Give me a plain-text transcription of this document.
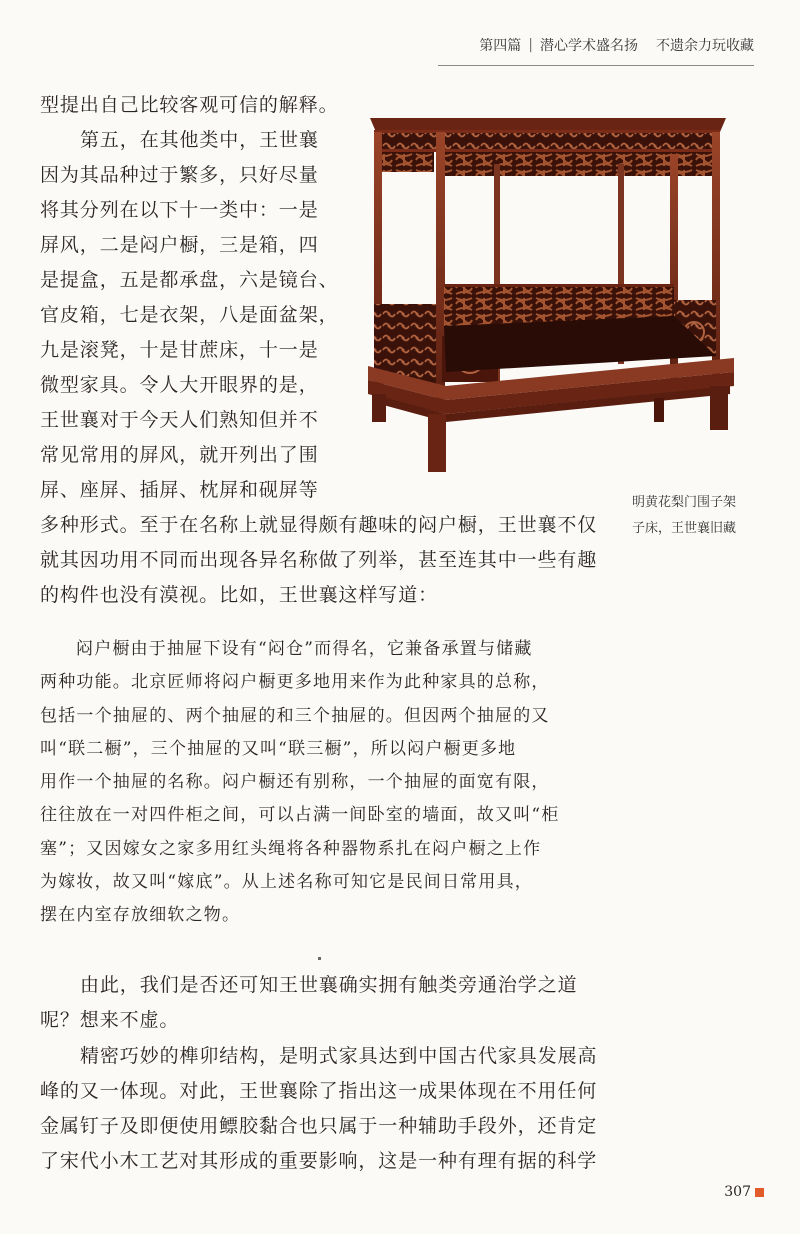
第四篇 | 潜心学术盛名扬 不遗余力玩收藏
型提出自己比较客观可信的解释。
第五，在其他类中，王世襄
因为其品种过于繁多，只好尽量
将其分列在以下十一类中：一是
屏风，二是闷户橱，三是箱，四
是提盒，五是都承盘，六是镜台、
官皮箱，七是衣架，八是面盆架，
九是滚凳，十是甘蔗床，十一是
微型家具。令人大开眼界的是，
王世襄对于今天人们熟知但并不
常见常用的屏风，就开列出了围
屏、座屏、插屏、枕屏和砚屏等
多种形式。至于在名称上就显得颇有趣味的闷户橱，王世襄不仅
就其因功用不同而出现各异名称做了列举，甚至连其中一些有趣
的构件也没有漠视。比如，王世襄这样写道：
明黄花梨门围子架
子床，王世襄旧藏
闷户橱由于抽屉下设有“闷仓”而得名，它兼备承置与储藏
两种功能。北京匠师将闷户橱更多地用来作为此种家具的总称，
包括一个抽屉的、两个抽屉的和三个抽屉的。但因两个抽屉的又
叫“联二橱”，三个抽屉的又叫“联三橱”，所以闷户橱更多地
用作一个抽屉的名称。闷户橱还有别称，一个抽屉的面宽有限，
往往放在一对四件柜之间，可以占满一间卧室的墙面，故又叫“柜
塞”；又因嫁女之家多用红头绳将各种器物系扎在闷户橱之上作
为嫁妆，故又叫“嫁底”。从上述名称可知它是民间日常用具，
摆在内室存放细软之物。
由此，我们是否还可知王世襄确实拥有触类旁通治学之道
呢？想来不虚。
精密巧妙的榫卯结构，是明式家具达到中国古代家具发展高
峰的又一体现。对此，王世襄除了指出这一成果体现在不用任何
金属钉子及即便使用鳔胶黏合也只属于一种辅助手段外，还肯定
了宋代小木工艺对其形成的重要影响，这是一种有理有据的科学
307
